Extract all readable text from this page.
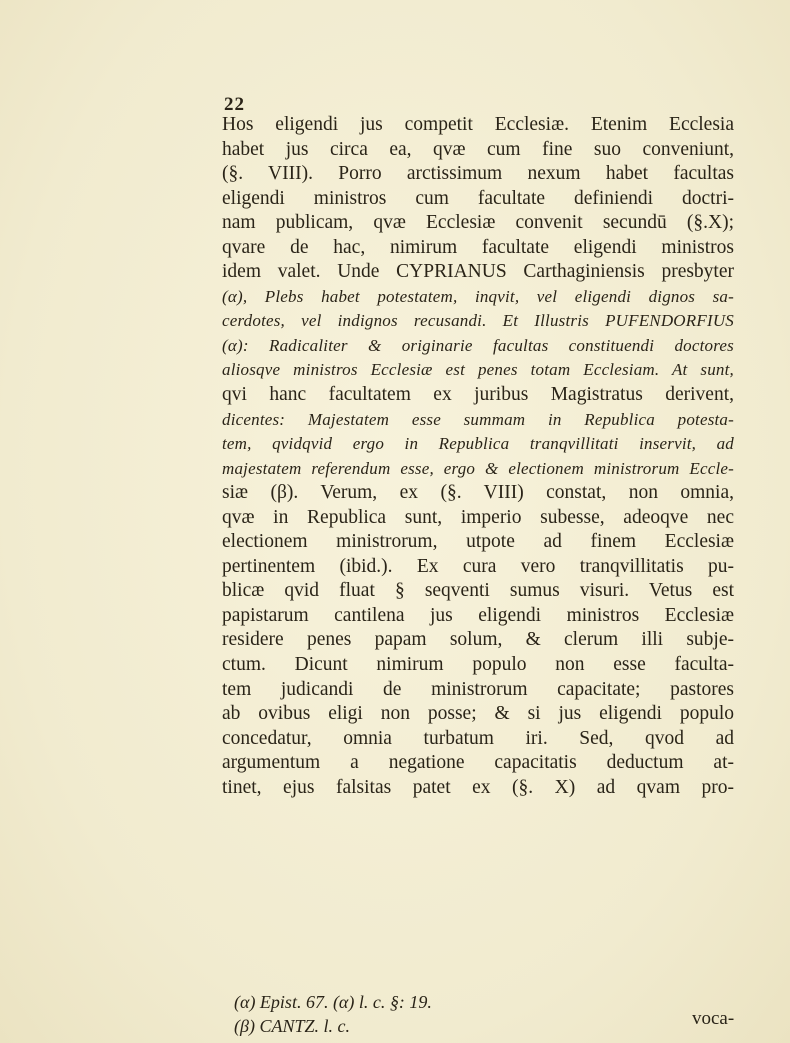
22
Hos eligendi jus competit Ecclesiæ. Etenim Ecclesia
habet jus circa ea, qvæ cum fine suo conveniunt,
(§. VIII). Porro arctissimum nexum habet facultas
eligendi ministros cum facultate definiendi doctri-
nam publicam, qvæ Ecclesiæ convenit secundū (§.X);
qvare de hac, nimirum facultate eligendi ministros
idem valet. Unde CYPRIANUS Carthaginiensis presbyter
(α), Plebs habet potestatem, inqvit, vel eligendi dignos sa-
cerdotes, vel indignos recusandi. Et Illustris PUFENDORFIUS
(α): Radicaliter & originarie facultas constituendi doctores
aliosqve ministros Ecclesiæ est penes totam Ecclesiam. At sunt,
qvi hanc facultatem ex juribus Magistratus derivent,
dicentes: Majestatem esse summam in Republica potesta-
tem, qvidqvid ergo in Republica tranqvillitati inservit, ad
majestatem referendum esse, ergo & electionem ministrorum Eccle-
siæ (β). Verum, ex (§. VIII) constat, non omnia,
qvæ in Republica sunt, imperio subesse, adeoqve nec
electionem ministrorum, utpote ad finem Ecclesiæ
pertinentem (ibid.). Ex cura vero tranqvillitatis pu-
blicæ qvid fluat § seqventi sumus visuri. Vetus est
papistarum cantilena jus eligendi ministros Ecclesiæ
residere penes papam solum, & clerum illi subje-
ctum. Dicunt nimirum populo non esse faculta-
tem judicandi de ministrorum capacitate; pastores
ab ovibus eligi non posse; & si jus eligendi populo
concedatur, omnia turbatum iri. Sed, qvod ad
argumentum a negatione capacitatis deductum at-
tinet, ejus falsitas patet ex (§. X) ad qvam pro-
(α) Epist. 67. (α) l. c. §: 19.
(β) CANTZ. l. c.	voca-
